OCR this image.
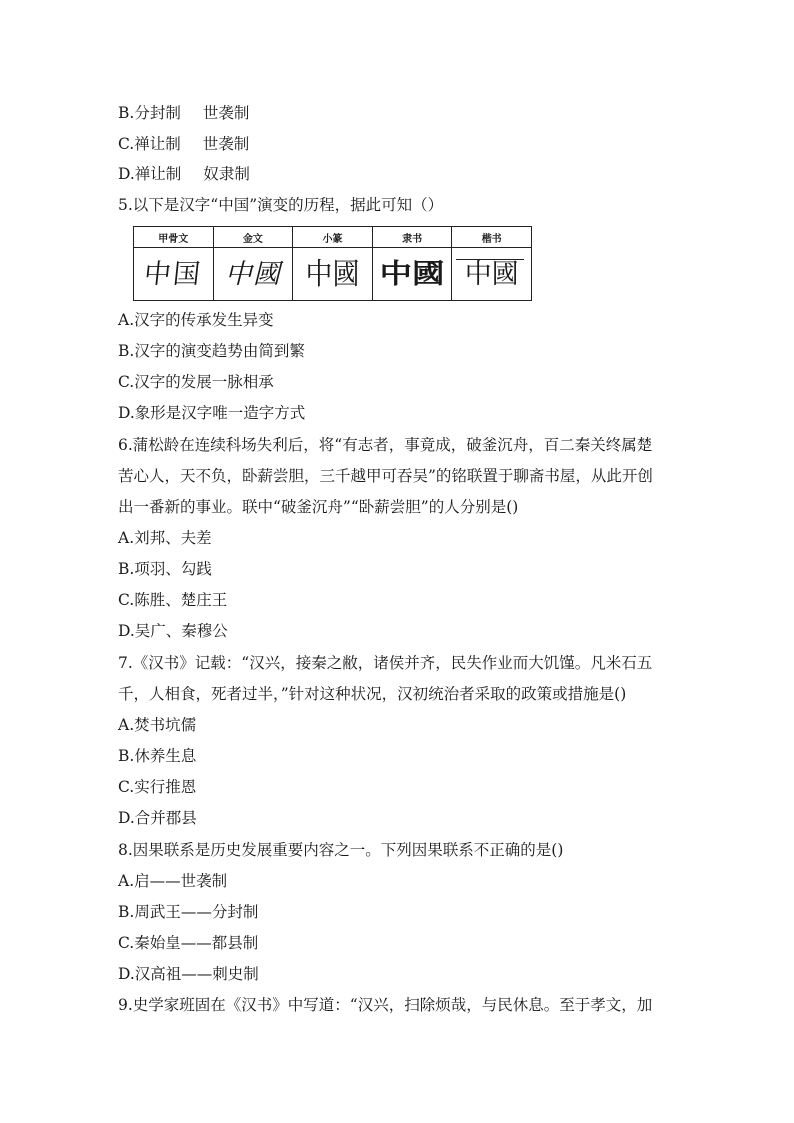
B.分封制 世袭制
C.禅让制 世袭制
D.禅让制 奴隶制
5.以下是汉字“中国”演变的历程，据此可知（）
甲骨文	金文	小篆	隶书	楷书
中国	中國	中國	中國	中國
A.汉字的传承发生异变
B.汉字的演变趋势由简到繁
C.汉字的发展一脉相承
D.象形是汉字唯一造字方式
6.蒲松龄在连续科场失利后，将“有志者，事竟成，破釜沉舟，百二秦关终属楚
苦心人，天不负，卧薪尝胆，三千越甲可吞吴”的铭联置于聊斋书屋，从此开创
出一番新的事业。联中“破釜沉舟”“卧薪尝胆”的人分别是()
A.刘邦、夫差
B.项羽、勾践
C.陈胜、楚庄王
D.吴广、秦穆公
7.《汉书》记载：“汉兴，接秦之敝，诸侯并齐，民失作业而大饥馑。凡米石五
千，人相食，死者过半，”针对这种状况，汉初统治者采取的政策或措施是()
A.焚书坑儒
B.休养生息
C.实行推恩
D.合并郡县
8.因果联系是历史发展重要内容之一。下列因果联系不正确的是()
A.启——世袭制
B.周武王——分封制
C.秦始皇——都县制
D.汉高祖——刺史制
9.史学家班固在《汉书》中写道：“汉兴，扫除烦哉，与民休息。至于孝文，加
